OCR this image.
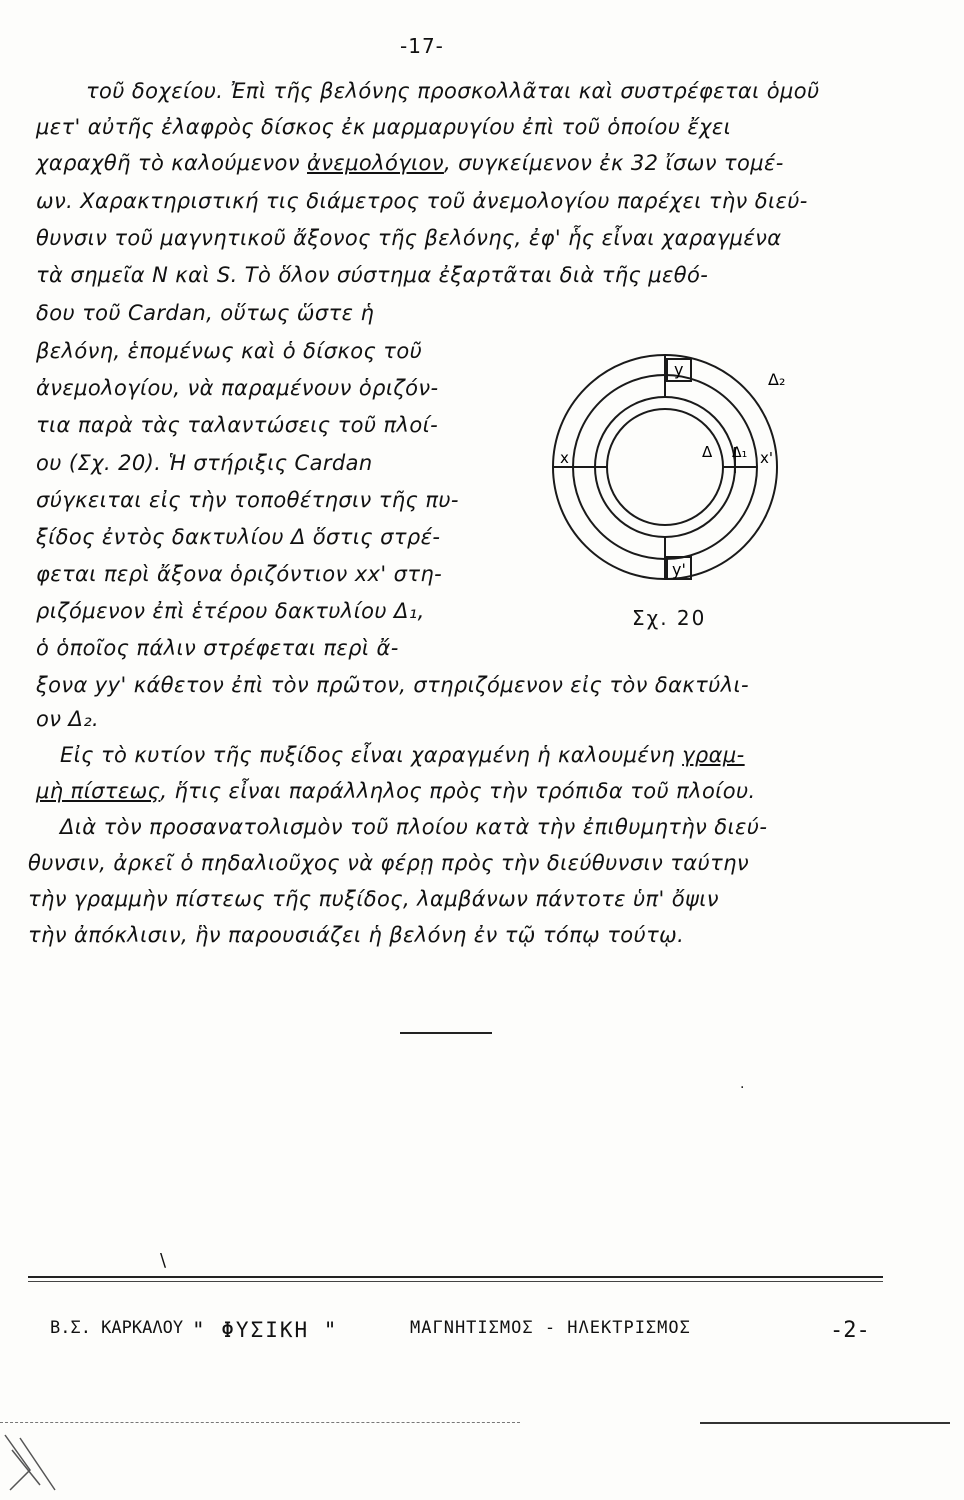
-17-
τοῦ δοχείου. Ἐπὶ τῆς βελόνης προσκολλᾶται καὶ συστρέφεται ὁμοῦ
μετ' αὐτῆς ἐλαφρὸς δίσκος ἐκ μαρμαρυγίου ἐπὶ τοῦ ὁποίου ἔχει
χαραχθῆ τὸ καλούμενον ἀνεμολόγιον, συγκείμενον ἐκ 32 ἴσων τομέ-
ων. Χαρακτηριστική τις διάμετρος τοῦ ἀνεμολογίου παρέχει τὴν διεύ-
θυνσιν τοῦ μαγνητικοῦ ἄξονος τῆς βελόνης, ἐφ' ἧς εἶναι χαραγμένα
τὰ σημεῖα N καὶ S. Τὸ ὅλον σύστημα ἐξαρτᾶται διὰ τῆς μεθό-
δου τοῦ Cardan, οὕτως ὥστε ἡ
βελόνη, ἑπομένως καὶ ὁ δίσκος τοῦ
ἀνεμολογίου, νὰ παραμένουν ὁριζόν-
τια παρὰ τὰς ταλαντώσεις τοῦ πλοί-
ου (Σχ. 20). Ἡ στήριξις Cardan
σύγκειται εἰς τὴν τοποθέτησιν τῆς πυ-
ξίδος ἐντὸς δακτυλίου Δ ὅστις στρέ-
φεται περὶ ἄξονα ὁριζόντιον xx' στη-
ριζόμενον ἐπὶ ἑτέρου δακτυλίου Δ₁,
ὁ ὁποῖος πάλιν στρέφεται περὶ ἄ-
ξονα yy' κάθετον ἐπὶ τὸν πρῶτον, στηριζόμενον εἰς τὸν δακτύλι-
ον Δ₂.
Εἰς τὸ κυτίον τῆς πυξίδος εἶναι χαραγμένη ἡ καλουμένη γραμ-
μὴ πίστεως, ἥτις εἶναι παράλληλος πρὸς τὴν τρόπιδα τοῦ πλοίου.
Διὰ τὸν προσανατολισμὸν τοῦ πλοίου κατὰ τὴν ἐπιθυμητὴν διεύ-
θυνσιν, ἀρκεῖ ὁ πηδαλιοῦχος νὰ φέρῃ πρὸς τὴν διεύθυνσιν ταύτην
τὴν γραμμὴν πίστεως τῆς πυξίδος, λαμβάνων πάντοτε ὑπ' ὄψιν
τὴν ἀπόκλισιν, ἣν παρουσιάζει ἡ βελόνη ἐν τῷ τόπῳ τούτῳ.
y
y'
x	x'
Δ Δ₁
Δ₂
Σχ. 20
.
\
Β.Σ. ΚΑΡΚΑΛΟΥ " ΦΥΣΙΚΗ "	ΜΑΓΝΗΤΙΣΜΟΣ - ΗΛΕΚΤΡΙΣΜΟΣ	-2-
